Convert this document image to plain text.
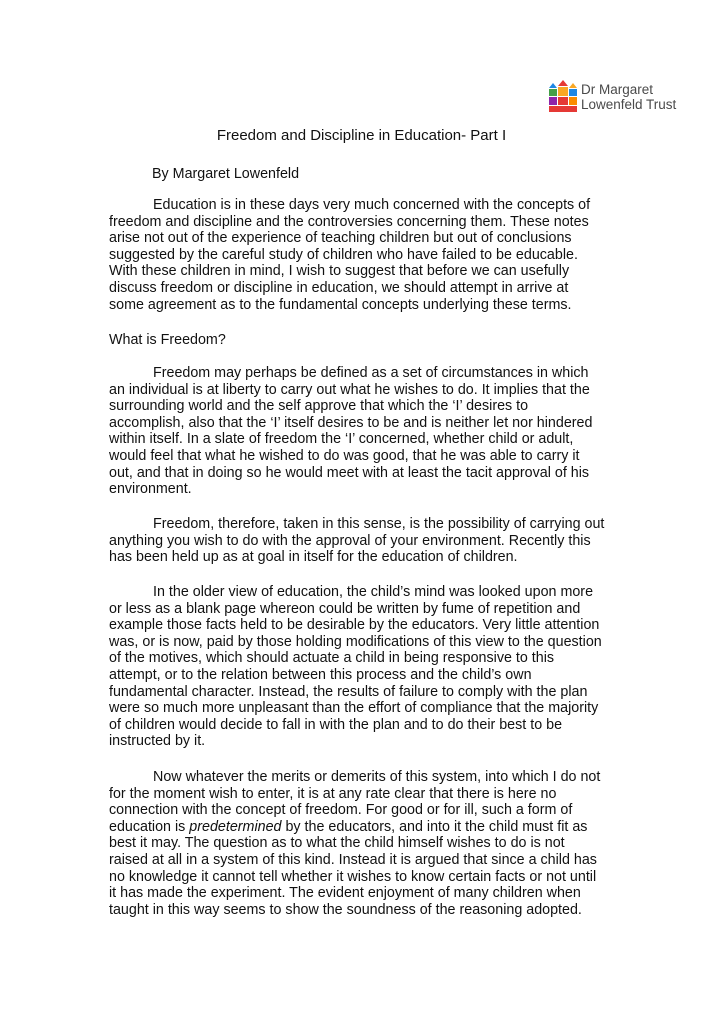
Dr Margaret
Lowenfeld Trust
Freedom and Discipline in Education- Part I
By Margaret Lowenfeld
Education is in these days very much concerned with the concepts of
freedom and discipline and the controversies concerning them. These notes
arise not out of the experience of teaching children but out of conclusions
suggested by the careful study of children who have failed to be educable.
With these children in mind, I wish to suggest that before we can usefully
discuss freedom or discipline in education, we should attempt in arrive at
some agreement as to the fundamental concepts underlying these terms.
What is Freedom?
Freedom may perhaps be defined as a set of circumstances in which
an individual is at liberty to carry out what he wishes to do. It implies that the
surrounding world and the self approve that which the ‘I’ desires to
accomplish, also that the ‘I’ itself desires to be and is neither let nor hindered
within itself. In a slate of freedom the ‘I’ concerned, whether child or adult,
would feel that what he wished to do was good, that he was able to carry it
out, and that in doing so he would meet with at least the tacit approval of his
environment.
Freedom, therefore, taken in this sense, is the possibility of carrying out
anything you wish to do with the approval of your environment. Recently this
has been held up as at goal in itself for the education of children.
In the older view of education, the child’s mind was looked upon more
or less as a blank page whereon could be written by fume of repetition and
example those facts held to be desirable by the educators. Very little attention
was, or is now, paid by those holding modifications of this view to the question
of the motives, which should actuate a child in being responsive to this
attempt, or to the relation between this process and the child’s own
fundamental character. Instead, the results of failure to comply with the plan
were so much more unpleasant than the effort of compliance that the majority
of children would decide to fall in with the plan and to do their best to be
instructed by it.
Now whatever the merits or demerits of this system, into which I do not
for the moment wish to enter, it is at any rate clear that there is here no
connection with the concept of freedom. For good or for ill, such a form of
education is predetermined by the educators, and into it the child must fit as
best it may. The question as to what the child himself wishes to do is not
raised at all in a system of this kind. Instead it is argued that since a child has
no knowledge it cannot tell whether it wishes to know certain facts or not until
it has made the experiment. The evident enjoyment of many children when
taught in this way seems to show the soundness of the reasoning adopted.
